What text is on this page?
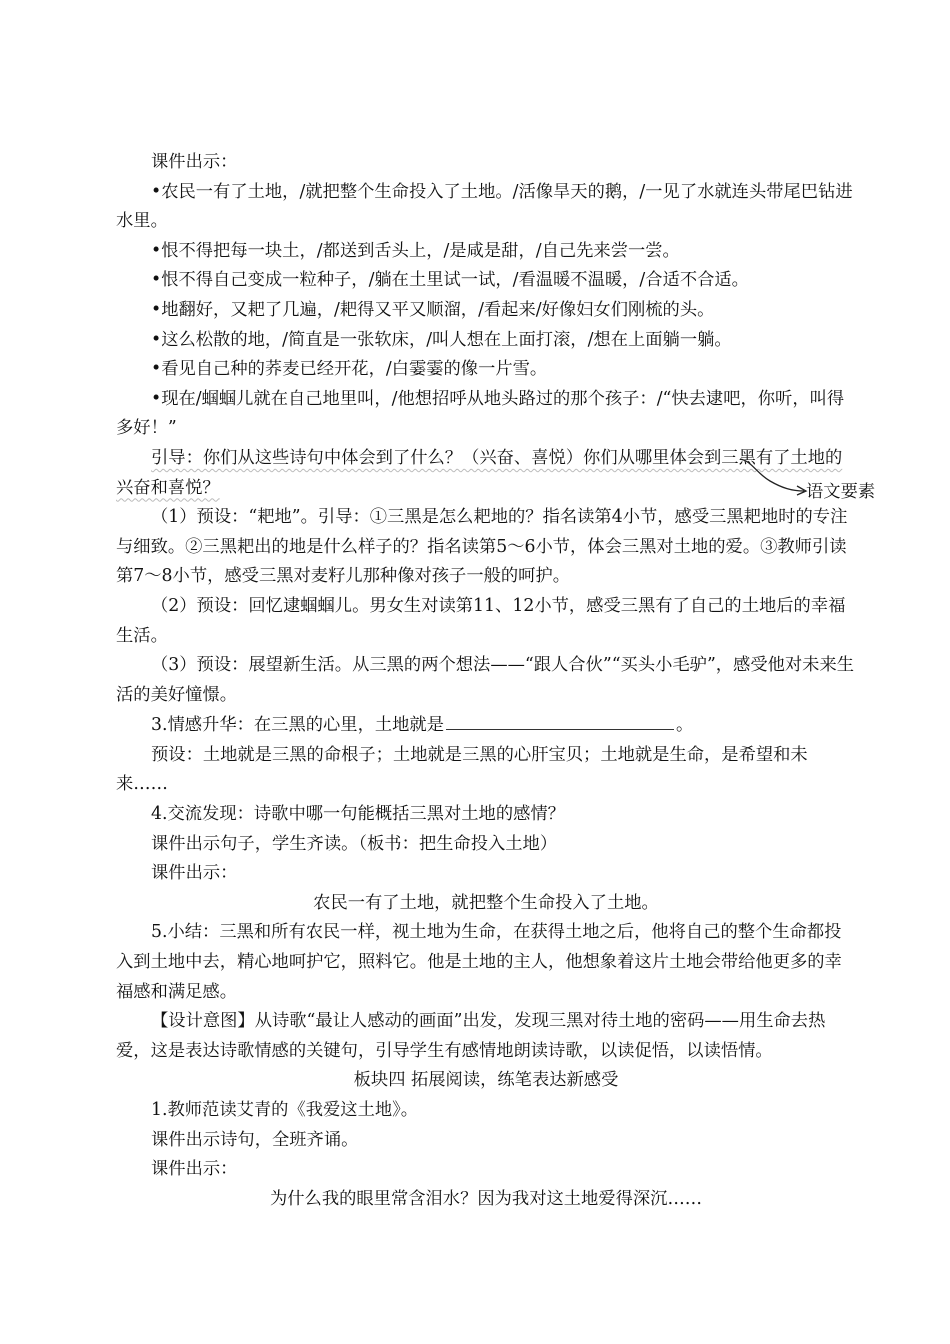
课件出示：

•农民一有了土地，/就把整个生命投入了土地。/活像旱天的鹅，/一见了水就连头带尾巴钻进水里。

•恨不得把每一块土，/都送到舌头上，/是咸是甜，/自己先来尝一尝。

•恨不得自己变成一粒种子，/躺在土里试一试，/看温暖不温暖，/合适不合适。

•地翻好，又耙了几遍，/耙得又平又顺溜，/看起来/好像妇女们刚梳的头。

•这么松散的地，/简直是一张软床，/叫人想在上面打滚，/想在上面躺一躺。

•看见自己种的荞麦已经开花，/白霎霎的像一片雪。

•现在/蝈蝈儿就在自己地里叫，/他想招呼从地头路过的那个孩子：/“快去逮吧，你听，叫得多好！”

引导：你们从这些诗句中体会到了什么？（兴奋、喜悦）你们从哪里体会到三黑有了土地的兴奋和喜悦？

（1）预设：“耙地”。引导：①三黑是怎么耙地的？指名读第4小节，感受三黑耙地时的专注与细致。②三黑耙出的地是什么样子的？指名读第5～6小节，体会三黑对土地的爱。③教师引读第7～8小节，感受三黑对麦籽儿那种像对孩子一般的呵护。

（2）预设：回忆逮蝈蝈儿。男女生对读第11、12小节，感受三黑有了自己的土地后的幸福生活。

（3）预设：展望新生活。从三黑的两个想法——“跟人合伙”“买头小毛驴”，感受他对未来生活的美好憧憬。

3.情感升华：在三黑的心里，土地就是	。

预设：土地就是三黑的命根子；土地就是三黑的心肝宝贝；土地就是生命，是希望和未来……

4.交流发现：诗歌中哪一句能概括三黑对土地的感情？

课件出示句子，学生齐读。（板书：把生命投入土地）

课件出示：

农民一有了土地，就把整个生命投入了土地。

5.小结：三黑和所有农民一样，视土地为生命，在获得土地之后，他将自己的整个生命都投入到土地中去，精心地呵护它，照料它。他是土地的主人，他想象着这片土地会带给他更多的幸福感和满足感。

【设计意图】从诗歌“最让人感动的画面”出发，发现三黑对待土地的密码——用生命去热爱，这是表达诗歌情感的关键句，引导学生有感情地朗读诗歌，以读促悟，以读悟情。

板块四 拓展阅读，练笔表达新感受

1.教师范读艾青的《我爱这土地》。

课件出示诗句，全班齐诵。

课件出示：

为什么我的眼里常含泪水？因为我对这土地爱得深沉……

语文要素
